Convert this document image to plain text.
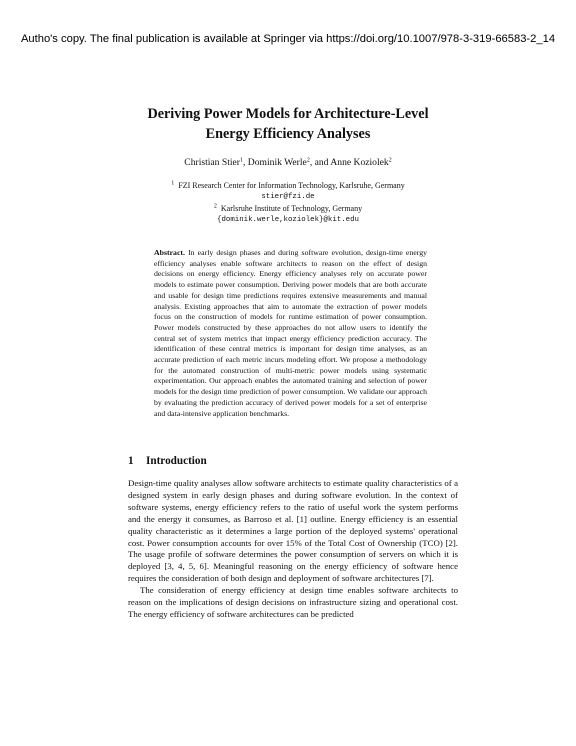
Autho's copy. The final publication is available at Springer via https://doi.org/10.1007/978-3-319-66583-2_14
Deriving Power Models for Architecture-Level
Energy Efficiency Analyses
Christian Stier$^1$, Dominik Werle$^2$, and Anne Koziolek$^2$
$^1$ FZI Research Center for Information Technology, Karlsruhe, Germany
stier@fzi.de
$^2$ Karlsruhe Institute of Technology, Germany
{dominik.werle,koziolek}@kit.edu
Abstract. In early design phases and during software evolution, design-time energy efficiency analyses enable software architects to reason on the effect of design decisions on energy efficiency. Energy efficiency analyses rely on accurate power models to estimate power consumption. Deriving power models that are both accurate and usable for design time predictions requires extensive measurements and manual analysis. Existing approaches that aim to automate the extraction of power models focus on the construction of models for runtime estimation of power consumption. Power models constructed by these approaches do not allow users to identify the central set of system metrics that impact energy efficiency prediction accuracy. The identification of these central metrics is important for design time analyses, as an accurate prediction of each metric incurs modeling effort. We propose a methodology for the automated construction of multi-metric power models using systematic experimentation. Our approach enables the automated training and selection of power models for the design time prediction of power consumption. We validate our approach by evaluating the prediction accuracy of derived power models for a set of enterprise and data-intensive application benchmarks.
1 Introduction

Design-time quality analyses allow software architects to estimate quality characteristics of a designed system in early design phases and during software evolution. In the context of software systems, energy efficiency refers to the ratio of useful work the system performs and the energy it consumes, as Barroso et al. [1] outline. Energy efficiency is an essential quality characteristic as it determines a large portion of the deployed systems' operational cost. Power consumption accounts for over 15% of the Total Cost of Ownership (TCO) [2]. The usage profile of software determines the power consumption of servers on which it is deployed [3, 4, 5, 6]. Meaningful reasoning on the energy efficiency of software hence requires the consideration of both design and deployment of software architectures [7].

The consideration of energy efficiency at design time enables software architects to reason on the implications of design decisions on infrastructure sizing and operational cost. The energy efficiency of software architectures can be predicted
